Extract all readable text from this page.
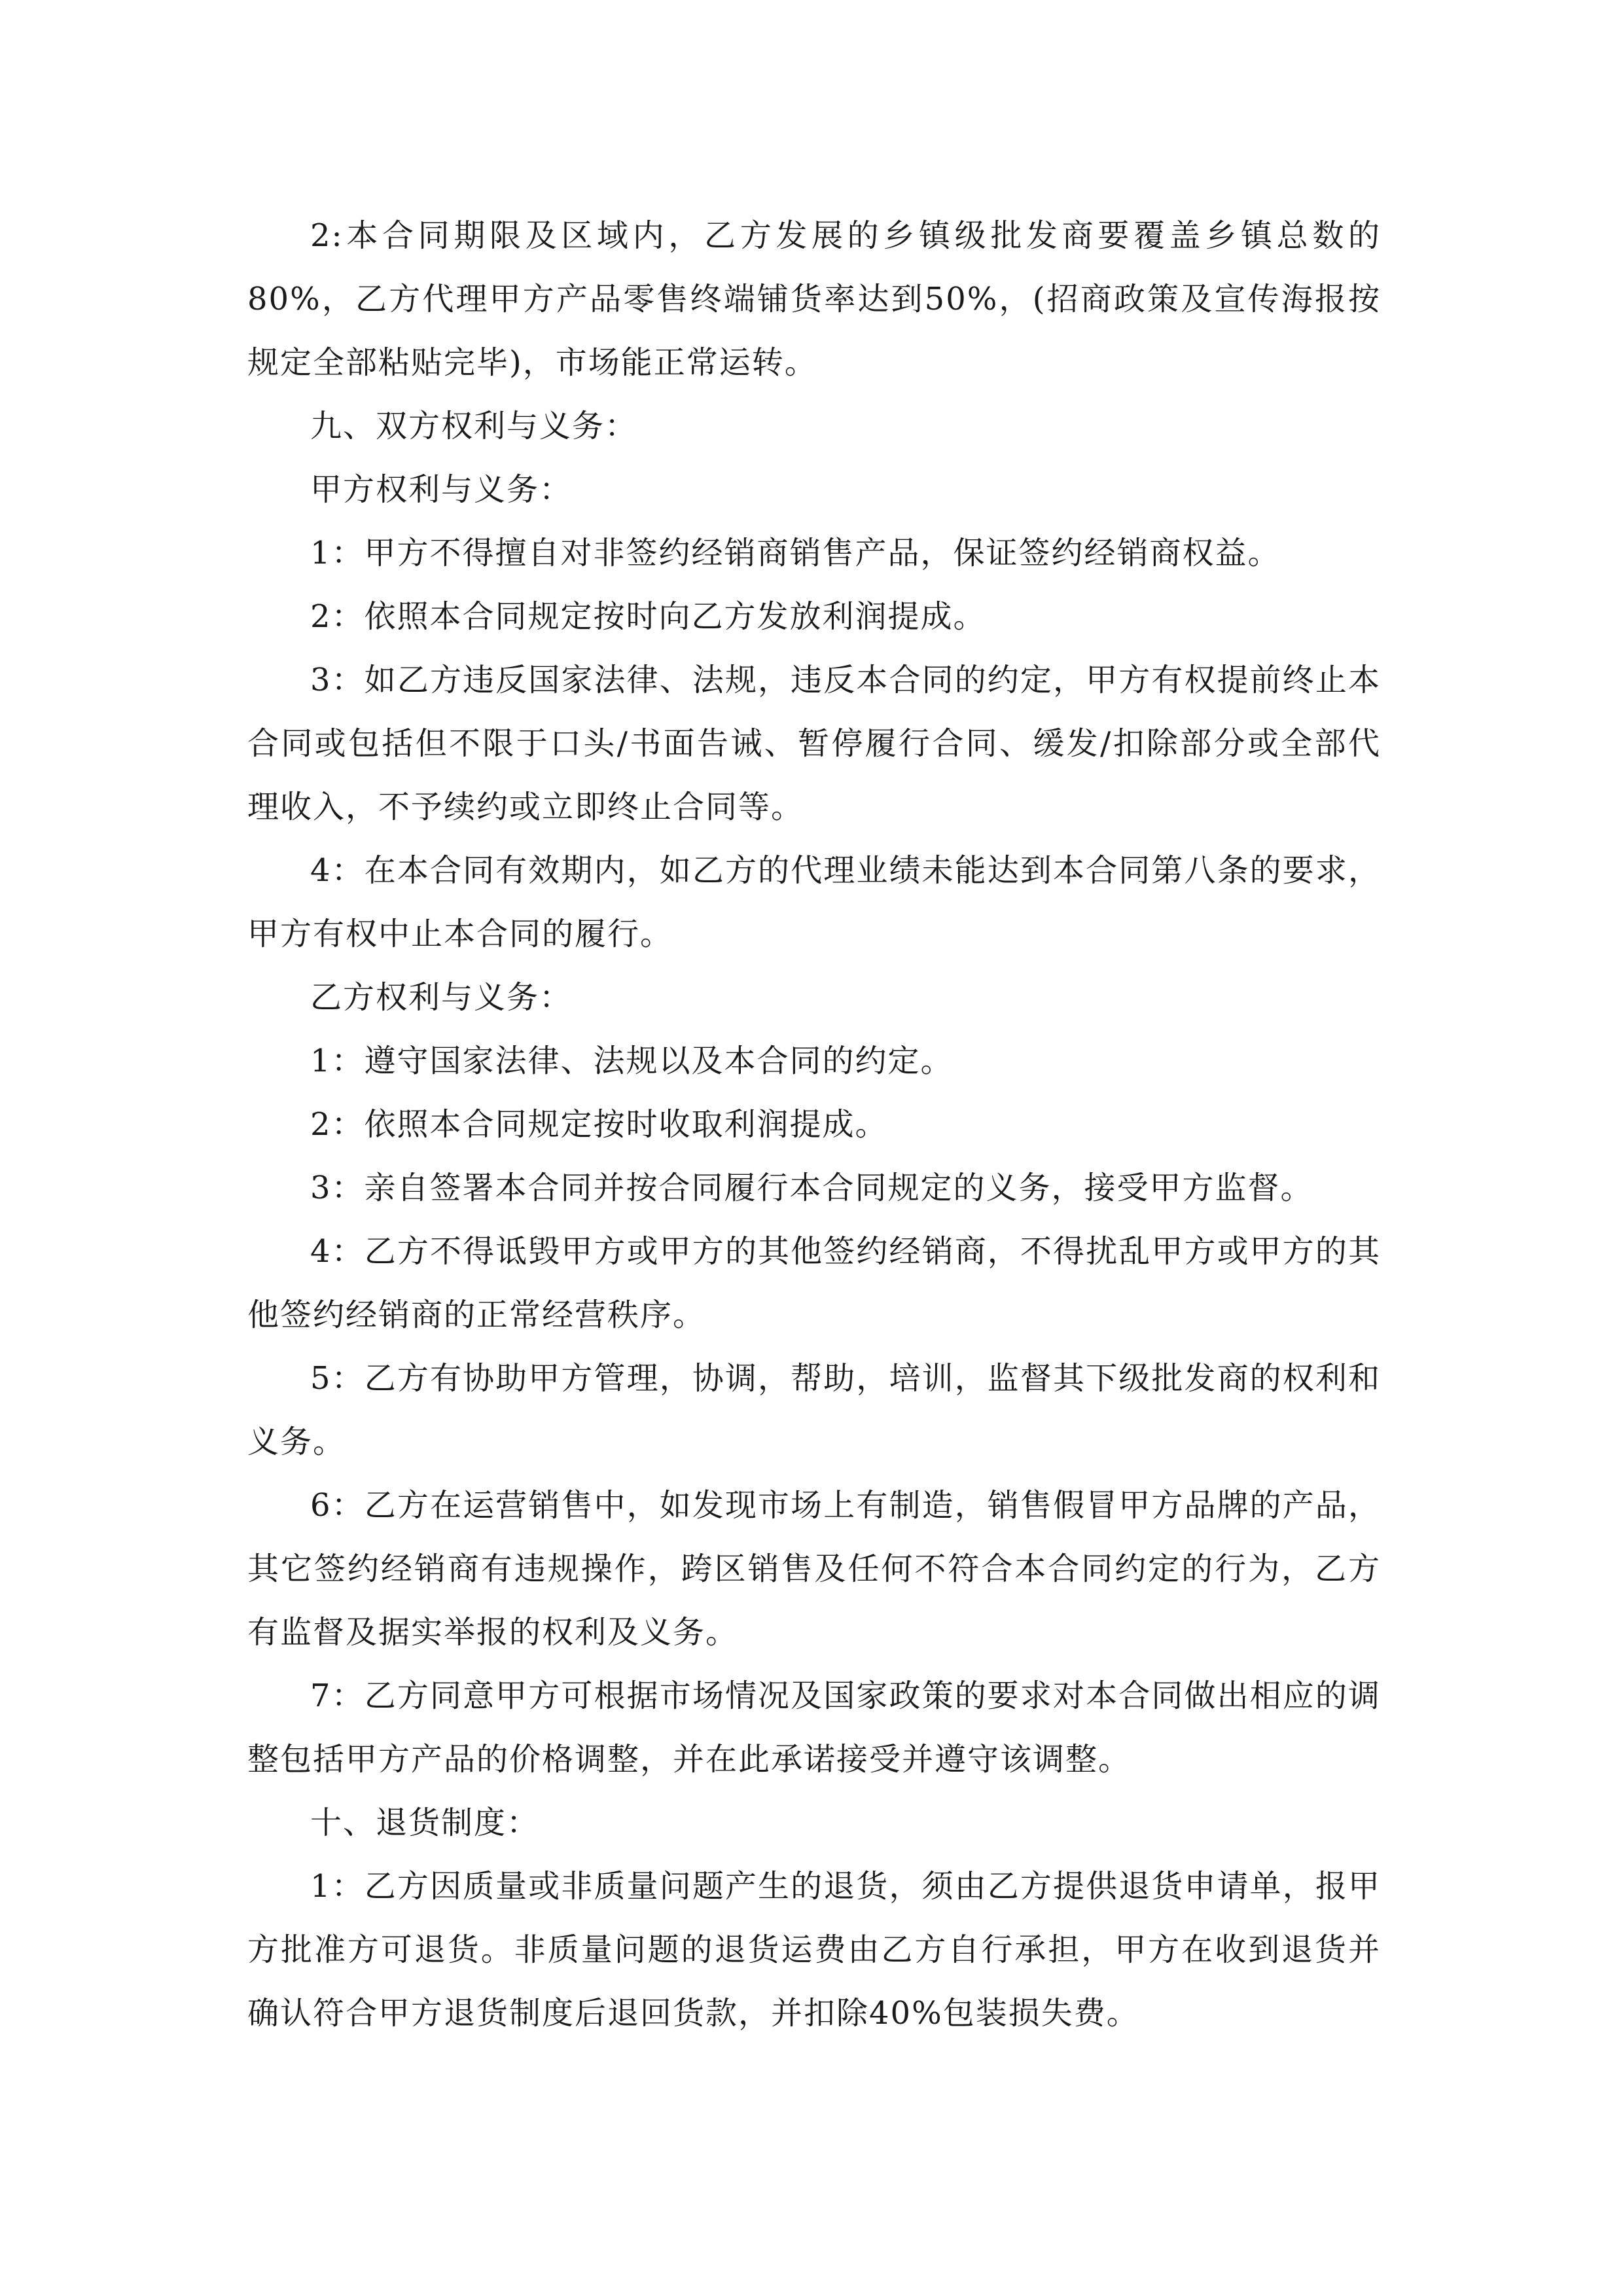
2:本合同期限及区域内，乙方发展的乡镇级批发商要覆盖乡镇总数的80%，乙方代理甲方产品零售终端铺货率达到50%，(招商政策及宣传海报按规定全部粘贴完毕)，市场能正常运转。

九、双方权利与义务：

甲方权利与义务：

1：甲方不得擅自对非签约经销商销售产品，保证签约经销商权益。

2：依照本合同规定按时向乙方发放利润提成。

3：如乙方违反国家法律、法规，违反本合同的约定，甲方有权提前终止本合同或包括但不限于口头/书面告诫、暂停履行合同、缓发/扣除部分或全部代理收入，不予续约或立即终止合同等。

4：在本合同有效期内，如乙方的代理业绩未能达到本合同第八条的要求，甲方有权中止本合同的履行。

乙方权利与义务：

1：遵守国家法律、法规以及本合同的约定。

2：依照本合同规定按时收取利润提成。

3：亲自签署本合同并按合同履行本合同规定的义务，接受甲方监督。

4：乙方不得诋毁甲方或甲方的其他签约经销商，不得扰乱甲方或甲方的其他签约经销商的正常经营秩序。

5：乙方有协助甲方管理，协调，帮助，培训，监督其下级批发商的权利和义务。

6：乙方在运营销售中，如发现市场上有制造，销售假冒甲方品牌的产品，其它签约经销商有违规操作，跨区销售及任何不符合本合同约定的行为，乙方有监督及据实举报的权利及义务。

7：乙方同意甲方可根据市场情况及国家政策的要求对本合同做出相应的调整包括甲方产品的价格调整，并在此承诺接受并遵守该调整。

十、退货制度：

1：乙方因质量或非质量问题产生的退货，须由乙方提供退货申请单，报甲方批准方可退货。非质量问题的退货运费由乙方自行承担，甲方在收到退货并确认符合甲方退货制度后退回货款，并扣除40%包装损失费。
